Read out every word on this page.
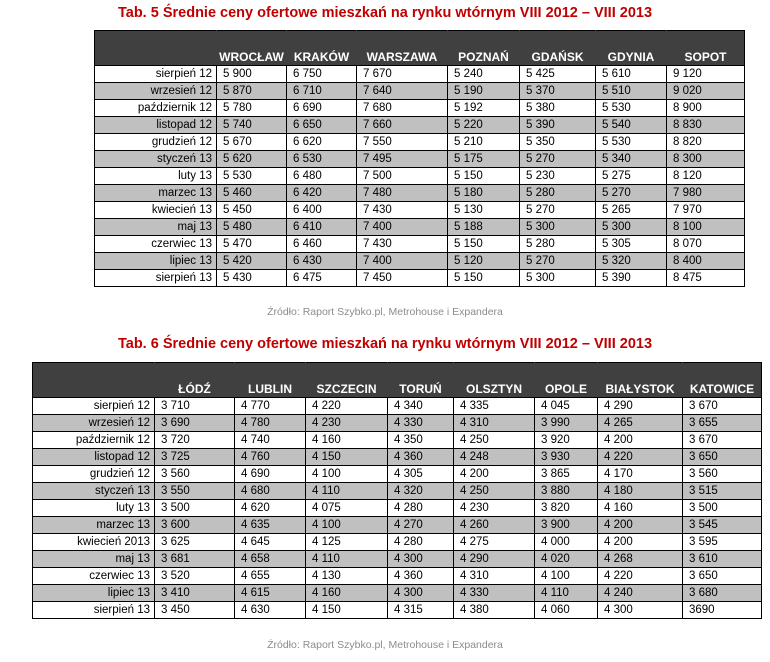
Tab. 5 Średnie ceny ofertowe mieszkań na rynku wtórnym VIII 2012 – VIII 2013
	WROCŁAW	KRAKÓW	WARSZAWA	POZNAŃ	GDAŃSK	GDYNIA	SOPOT
sierpień 12	5 900	6 750	7 670	5 240	5 425	5 610	9 120
wrzesień 12	5 870	6 710	7 640	5 190	5 370	5 510	9 020
październik 12	5 780	6 690	7 680	5 192	5 380	5 530	8 900
listopad 12	5 740	6 650	7 660	5 220	5 390	5 540	8 830
grudzień 12	5 670	6 620	7 550	5 210	5 350	5 530	8 820
styczeń 13	5 620	6 530	7 495	5 175	5 270	5 340	8 300
luty 13	5 530	6 480	7 500	5 150	5 230	5 275	8 120
marzec 13	5 460	6 420	7 480	5 180	5 280	5 270	7 980
kwiecień 13	5 450	6 400	7 430	5 130	5 270	5 265	7 970
maj 13	5 480	6 410	7 400	5 188	5 300	5 300	8 100
czerwiec 13	5 470	6 460	7 430	5 150	5 280	5 305	8 070
lipiec 13	5 420	6 430	7 400	5 120	5 270	5 320	8 400
sierpień 13	5 430	6 475	7 450	5 150	5 300	5 390	8 475
Źródło: Raport Szybko.pl, Metrohouse i Expandera
Tab. 6 Średnie ceny ofertowe mieszkań na rynku wtórnym VIII 2012 – VIII 2013
	ŁÓDŹ	LUBLIN	SZCZECIN	TORUŃ	OLSZTYN	OPOLE	BIAŁYSTOK	KATOWICE
sierpień 12	3 710	4 770	4 220	4 340	4 335	4 045	4 290	3 670
wrzesień 12	3 690	4 780	4 230	4 330	4 310	3 990	4 265	3 655
październik 12	3 720	4 740	4 160	4 350	4 250	3 920	4 200	3 670
listopad 12	3 725	4 760	4 150	4 360	4 248	3 930	4 220	3 650
grudzień 12	3 560	4 690	4 100	4 305	4 200	3 865	4 170	3 560
styczeń 13	3 550	4 680	4 110	4 320	4 250	3 880	4 180	3 515
luty 13	3 500	4 620	4 075	4 280	4 230	3 820	4 160	3 500
marzec 13	3 600	4 635	4 100	4 270	4 260	3 900	4 200	3 545
kwiecień 2013	3 625	4 645	4 125	4 280	4 275	4 000	4 200	3 595
maj 13	3 681	4 658	4 110	4 300	4 290	4 020	4 268	3 610
czerwiec 13	3 520	4 655	4 130	4 360	4 310	4 100	4 220	3 650
lipiec 13	3 410	4 615	4 160	4 300	4 330	4 110	4 240	3 680
sierpień 13	3 450	4 630	4 150	4 315	4 380	4 060	4 300	3690
Źródło: Raport Szybko.pl, Metrohouse i Expandera
